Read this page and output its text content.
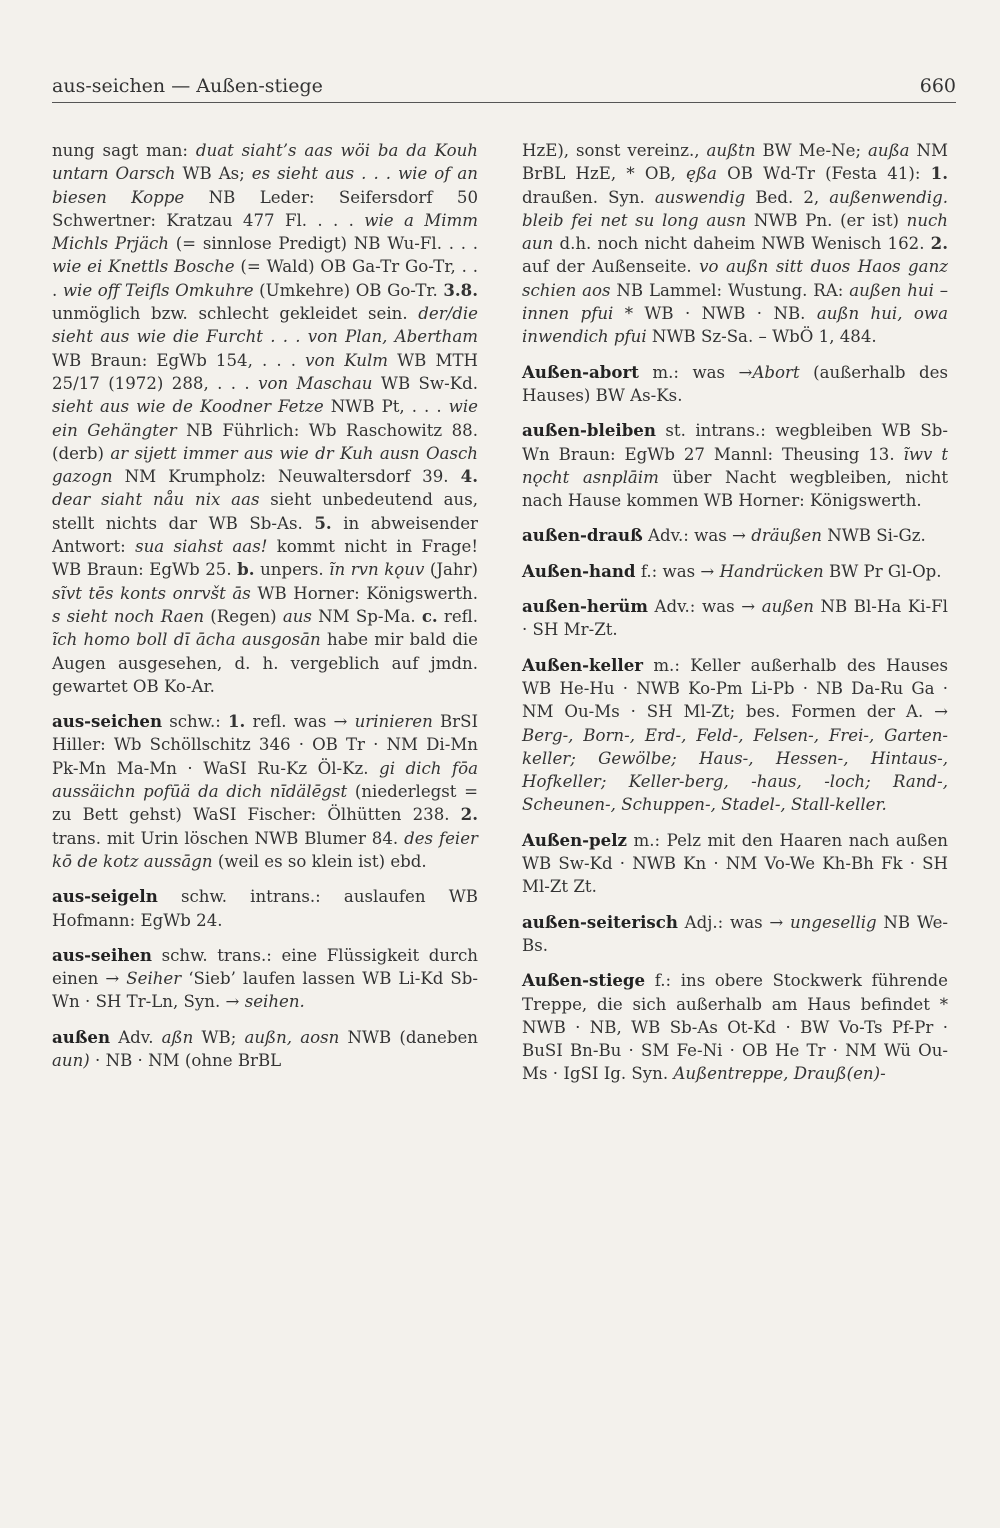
aus-seichen — Außen-stiege	660

nung sagt man: duat siaht’s aas wöi ba da Kouh untarn Oarsch WB As; es sieht aus . . . wie of an biesen Koppe NB Leder: Seifersdorf 50 Schwertner: Kratzau 477 Fl. . . . wie a Mimm Michls Prjäch (= sinnlose Predigt) NB Wu-Fl. . . . wie ei Knettls Bosche (= Wald) OB Ga-Tr Go-Tr, . . . wie off Teifls Omkuhre (Umkehre) OB Go-Tr. 3.8. unmöglich bzw. schlecht gekleidet sein. der/die sieht aus wie die Furcht . . . von Plan, Abertham WB Braun: EgWb 154, . . . von Kulm WB MTH 25/17 (1972) 288, . . . von Maschau WB Sw-Kd. sieht aus wie de Koodner Fetze NWB Pt, . . . wie ein Gehängter NB Führlich: Wb Raschowitz 88. (derb) ar sijett immer aus wie dr Kuh ausn Oasch gazogn NM Krumpholz: Neuwaltersdorf 39. 4. dear siaht nåu nix aas sieht unbedeutend aus, stellt nichts dar WB Sb-As. 5. in abweisender Antwort: sua siahst aas! kommt nicht in Frage! WB Braun: EgWb 25. b. unpers. ĩn rvn kǫuv (Jahr) sĩvt tēs konts onrvšt ās WB Horner: Königswerth. s sieht noch Raen (Regen) aus NM Sp-Ma. c. refl. ĩch homo boll dī ācha ausgosān habe mir bald die Augen ausgesehen, d. h. vergeblich auf jmdn. gewartet OB Ko-Ar.

aus-seichen schw.: 1. refl. was → urinieren BrSI Hiller: Wb Schöllschitz 346 · OB Tr · NM Di-Mn Pk-Mn Ma-Mn · WaSI Ru-Kz Öl-Kz. gi dich fōa aussäichn pofūä da dich nīdälēgst (niederlegst = zu Bett gehst) WaSI Fischer: Ölhütten 238. 2. trans. mit Urin löschen NWB Blumer 84. des feier kō de kotz aussāgn (weil es so klein ist) ebd.

aus-seigeln schw. intrans.: auslaufen WB Hofmann: EgWb 24.

aus-seihen schw. trans.: eine Flüssigkeit durch einen → Seiher ‘Sieb’ laufen lassen WB Li-Kd Sb-Wn · SH Tr-Ln, Syn. → seihen.

außen Adv. aßn WB; außn, aosn NWB (daneben aun) · NB · NM (ohne BrBL

HzE), sonst vereinz., außtn BW Me-Ne; außa NM BrBL HzE, * OB, ęßa OB Wd-Tr (Festa 41): 1. draußen. Syn. auswendig Bed. 2, außenwendig. bleib fei net su long ausn NWB Pn. (er ist) nuch aun d.h. noch nicht daheim NWB Wenisch 162. 2. auf der Außenseite. vo außn sitt duos Haos ganz schien aos NB Lammel: Wustung. RA: außen hui – innen pfui * WB · NWB · NB. außn hui, owa inwendich pfui NWB Sz-Sa. – WbÖ 1, 484.

Außen-abort m.: was →Abort (außerhalb des Hauses) BW As-Ks.

außen-bleiben st. intrans.: wegbleiben WB Sb-Wn Braun: EgWb 27 Mannl: Theusing 13. ĩwv t nǫcht asnplāim über Nacht wegbleiben, nicht nach Hause kommen WB Horner: Königswerth.

außen-drauß Adv.: was → dräußen NWB Si-Gz.

Außen-hand f.: was → Handrücken BW Pr Gl-Op.

außen-herüm Adv.: was → außen NB Bl-Ha Ki-Fl · SH Mr-Zt.

Außen-keller m.: Keller außerhalb des Hauses WB He-Hu · NWB Ko-Pm Li-Pb · NB Da-Ru Ga · NM Ou-Ms · SH Ml-Zt; bes. Formen der A. → Berg-, Born-, Erd-, Feld-, Felsen-, Frei-, Garten-keller; Gewölbe; Haus-, Hessen-, Hintaus-, Hofkeller; Keller-berg, -haus, -loch; Rand-, Scheunen-, Schuppen-, Stadel-, Stall-keller.

Außen-pelz m.: Pelz mit den Haaren nach außen WB Sw-Kd · NWB Kn · NM Vo-We Kh-Bh Fk · SH Ml-Zt Zt.

außen-seiterisch Adj.: was → ungesellig NB We-Bs.

Außen-stiege f.: ins obere Stockwerk führende Treppe, die sich außerhalb am Haus befindet * NWB · NB, WB Sb-As Ot-Kd · BW Vo-Ts Pf-Pr · BuSI Bn-Bu · SM Fe-Ni · OB He Tr · NM Wü Ou-Ms · IgSI Ig. Syn. Außentreppe, Drauß(en)-
